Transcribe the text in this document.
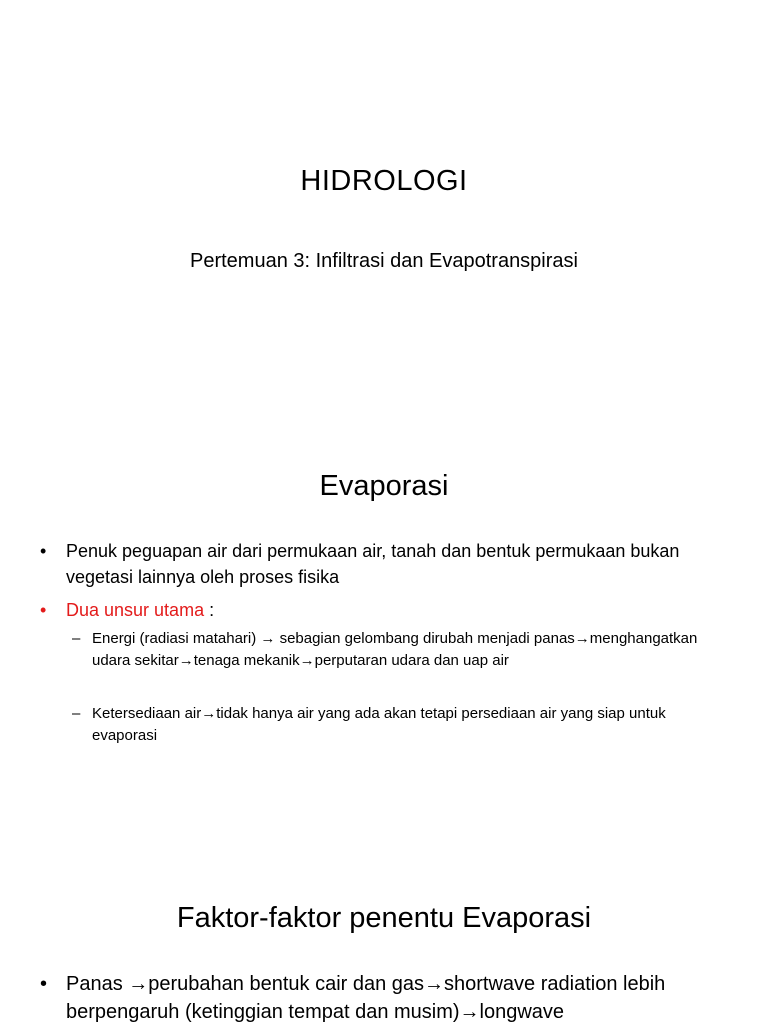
HIDROLOGI
Pertemuan 3: Infiltrasi dan Evapotranspirasi
Evaporasi
•	Penuk peguapan air dari permukaan air, tanah dan bentuk permukaan bukan vegetasi lainnya oleh proses fisika
•	Dua unsur utama :
– Energi (radiasi matahari) → sebagian gelombang dirubah menjadi panas→menghangatkan udara sekitar→tenaga mekanik→perputaran udara dan uap air
– Ketersediaan air→tidak hanya air yang ada akan tetapi persediaan air yang siap untuk evaporasi
Faktor-faktor penentu Evaporasi
• Panas →perubahan bentuk cair dan gas→shortwave radiation lebih berpengaruh (ketinggian tempat dan musim)→longwave
